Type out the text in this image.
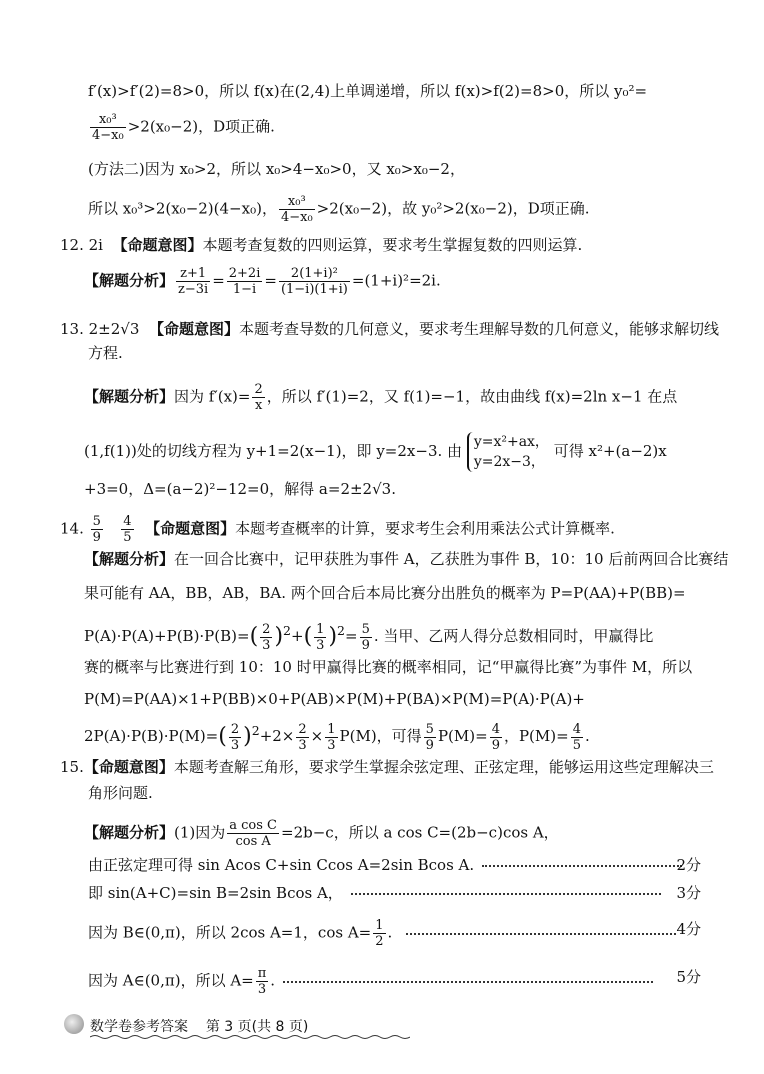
f′(x)>f′(2)=8>0，所以 f(x)在(2,4)上单调递增，所以 f(x)>f(2)=8>0，所以 y₀²=
$\frac{\text{x₀³}}{\text{4−x₀}} >2(x_0-2)$，D项正确.
(方法二)因为 x₀>2，所以 x₀>4−x₀>0，又 x₀>x₀−2，
所以 x₀³>2(x₀−2)(4−x₀)， $\frac{\text{x₀³}}{\text{4−x₀}} >2(x_0-2)$，故 y₀²>2(x₀−2)，D项正确.
12. 2i 【命题意图】本题考查复数的四则运算，要求考生掌握复数的四则运算.
【解题分析】 $\frac{z+1}{z-3i} = \frac{2+2i}{1-i} = \frac{\text{2(1+i)²}}{(1-i)(1+i)} =(1+i)^2=2i$.
13. 2±2√3 【命题意图】本题考查导数的几何意义，要求考生理解导数的几何意义，能够求解切线
方程.
【解题分析】因为 $f'(x)= \frac{2}{x}$ ，所以 f′(1)=2，又 f(1)=−1，故由曲线 f(x)=2ln x−1 在点
(1,f(1))处的切线方程为 y+1=2(x−1)，即 y=2x−3. 由 y=x²+ax，
y=2x−3，
可得 x²+(a−2)x
+3=0，Δ=(a−2)²−12=0，解得 a=2±2√3.
14. $\frac{5}{9}$
$\frac{4}{5}$ 【命题意图】本题考查概率的计算，要求考生会利用乘法公式计算概率.
【解题分析】在一回合比赛中，记甲获胜为事件 A，乙获胜为事件 B，10：10 后前两回合比赛结
果可能有 AA，BB，AB，BA. 两个回合后本局比赛分出胜负的概率为 P=P(AA)+P(BB)=
$P(A)\cdot P(A)+P(B)\cdot P(B)=( \frac{2}{3} )^2+( \frac{1}{3} )^2= \frac{5}{9}$ . 当甲、乙两人得分总数相同时，甲赢得比
赛的概率与比赛进行到 10：10 时甲赢得比赛的概率相同，记“甲赢得比赛”为事件 M，所以
P(M)=P(AA)×1+P(BB)×0+P(AB)×P(M)+P(BA)×P(M)=P(A)·P(A)+
$2P(A)\cdot P(B)\cdot P(M)=( \frac{2}{3} )^2+2\times \frac{2}{3} \times \frac{1}{3} P(M)$，可得 $\frac{5}{9} P(M)= \frac{4}{9}$ ，$P(M)= \frac{4}{5}$ .
15.【命题意图】本题考查解三角形，要求学生掌握余弦定理、正弦定理，能够运用这些定理解决三
角形问题.
【解题分析】(1)因为 $\frac{\text{a cos C}}{\text{cos A}} =2b-c$，所以 a cos C=(2b−c)cos A，
由正弦定理可得 sin Acos C+sin Ccos A=2sin Bcos A.	2分
即 sin(A+C)=sin B=2sin Bcos A，	3分
因为 B∈(0,π)，所以 2cos A=1，$\cos A= \frac{1}{2}$ .	4分
因为 A∈(0,π)，所以 $A= \frac{\pi}{3}$ .	5分
数学卷参考答案 第 3 页(共 8 页)
